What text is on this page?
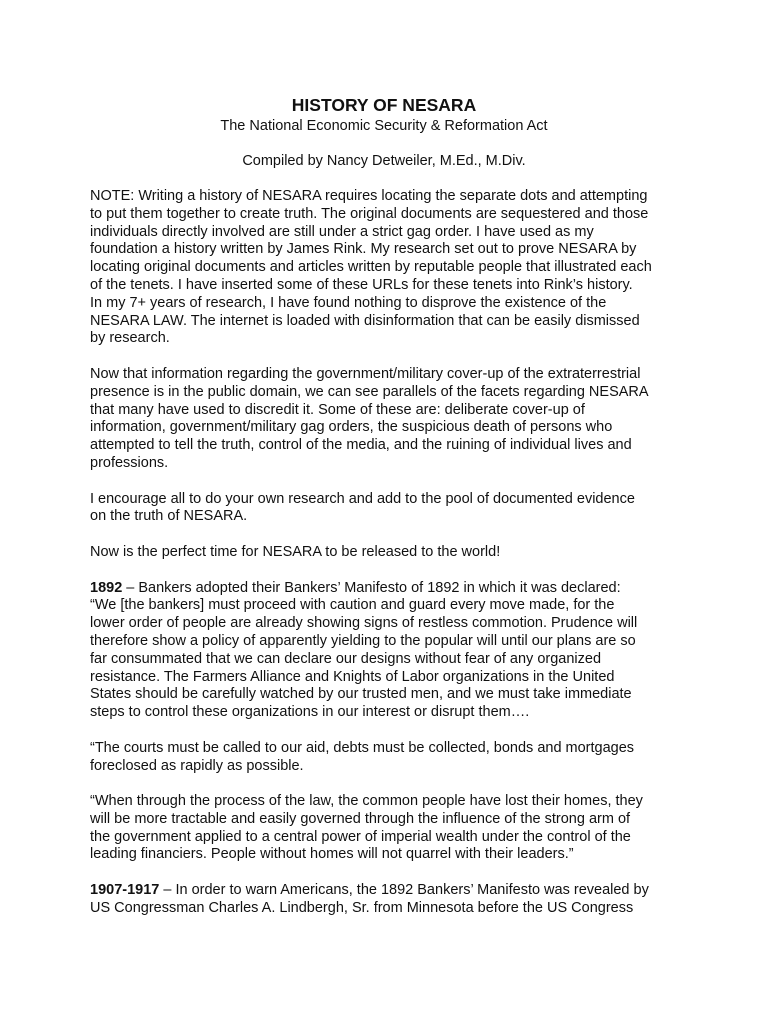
HISTORY OF NESARA
The National Economic Security & Reformation Act
Compiled by Nancy Detweiler, M.Ed., M.Div.

NOTE: Writing a history of NESARA requires locating the separate dots and attempting
to put them together to create truth. The original documents are sequestered and those
individuals directly involved are still under a strict gag order. I have used as my
foundation a history written by James Rink. My research set out to prove NESARA by
locating original documents and articles written by reputable people that illustrated each
of the tenets. I have inserted some of these URLs for these tenets into Rink’s history.
In my 7+ years of research, I have found nothing to disprove the existence of the
NESARA LAW. The internet is loaded with disinformation that can be easily dismissed
by research.

Now that information regarding the government/military cover-up of the extraterrestrial
presence is in the public domain, we can see parallels of the facets regarding NESARA
that many have used to discredit it. Some of these are: deliberate cover-up of
information, government/military gag orders, the suspicious death of persons who
attempted to tell the truth, control of the media, and the ruining of individual lives and
professions.

I encourage all to do your own research and add to the pool of documented evidence
on the truth of NESARA.

Now is the perfect time for NESARA to be released to the world!

1892 – Bankers adopted their Bankers’ Manifesto of 1892 in which it was declared:
“We [the bankers] must proceed with caution and guard every move made, for the
lower order of people are already showing signs of restless commotion. Prudence will
therefore show a policy of apparently yielding to the popular will until our plans are so
far consummated that we can declare our designs without fear of any organized
resistance. The Farmers Alliance and Knights of Labor organizations in the United
States should be carefully watched by our trusted men, and we must take immediate
steps to control these organizations in our interest or disrupt them….

“The courts must be called to our aid, debts must be collected, bonds and mortgages
foreclosed as rapidly as possible.

“When through the process of the law, the common people have lost their homes, they
will be more tractable and easily governed through the influence of the strong arm of
the government applied to a central power of imperial wealth under the control of the
leading financiers. People without homes will not quarrel with their leaders.”

1907-1917 – In order to warn Americans, the 1892 Bankers’ Manifesto was revealed by
US Congressman Charles A. Lindbergh, Sr. from Minnesota before the US Congress
